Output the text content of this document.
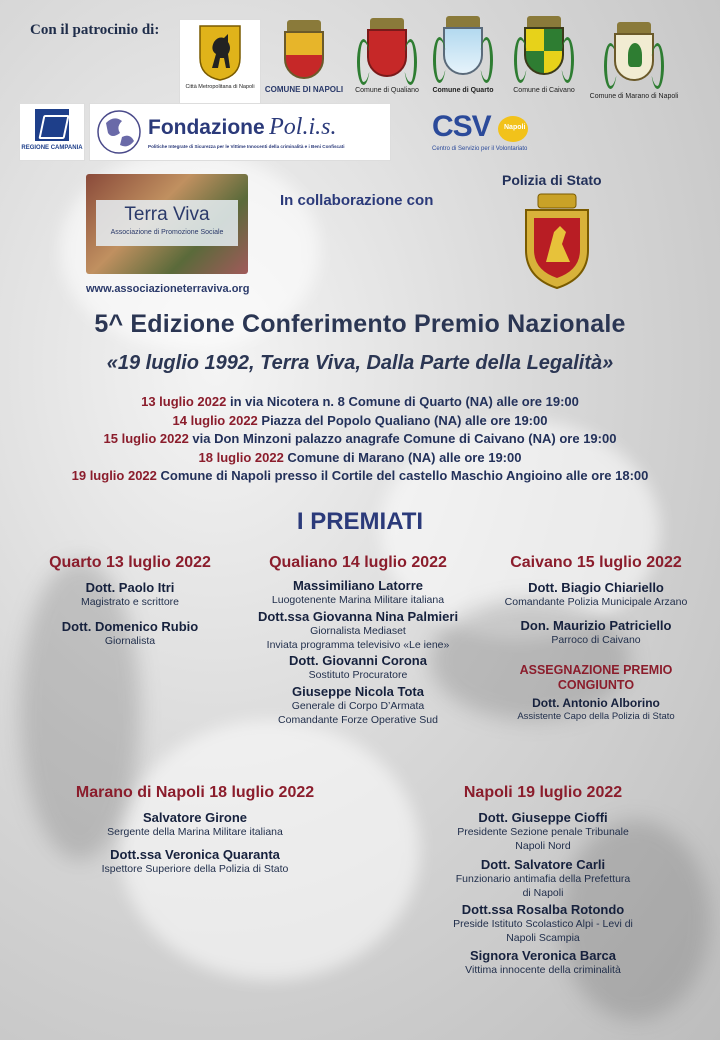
Con il patrocinio di:
Città Metropolitana di Napoli COMUNE DI NAPOLI Comune di Qualiano Comune di Quarto	Comune di Caivano
Comune di Marano di Napoli
REGIONE CAMPANIA
Fondazione Pol.i.s.
Politiche Integrate di Sicurezza per le Vittime Innocenti della criminalità e i Beni Confiscati
CSV Napoli
Centro di Servizio per il Volontariato
Terra Viva
Associazione di Promozione Sociale
www.associazioneterraviva.org
In collaborazione con
Polizia di Stato
5^ Edizione Conferimento Premio Nazionale
«19 luglio 1992, Terra Viva, Dalla Parte della Legalità»
13 luglio 2022 in via Nicotera n. 8 Comune di Quarto (NA) alle ore 19:00
14 luglio 2022 Piazza del Popolo Qualiano (NA) alle ore 19:00
15 luglio 2022 via Don Minzoni palazzo anagrafe Comune di Caivano (NA) ore 19:00
18 luglio 2022 Comune di Marano (NA) alle ore 19:00
19 luglio 2022 Comune di Napoli presso il Cortile del castello Maschio Angioino alle ore 18:00
I PREMIATI
Quarto 13 luglio 2022
Dott. Paolo Itri
Magistrato e scrittore
Dott. Domenico Rubio
Giornalista
Qualiano 14 luglio 2022
Massimiliano Latorre
Luogotenente Marina Militare italiana
Dott.ssa Giovanna Nina Palmieri
Giornalista Mediaset
Inviata programma televisivo «Le iene»
Dott. Giovanni Corona
Sostituto Procuratore
Giuseppe Nicola Tota
Generale di Corpo D’Armata
Comandante Forze Operative Sud
Caivano 15 luglio 2022
Dott. Biagio Chiariello
Comandante Polizia Municipale Arzano
Don. Maurizio Patriciello
Parroco di Caivano
ASSEGNAZIONE PREMIO
CONGIUNTO
Dott. Antonio Alborino
Assistente Capo della Polizia di Stato
Marano di Napoli 18 luglio 2022
Salvatore Girone
Sergente della Marina Militare italiana
Dott.ssa Veronica Quaranta
Ispettore Superiore della Polizia di Stato
Napoli 19 luglio 2022
Dott. Giuseppe Cioffi
Presidente Sezione penale Tribunale
Napoli Nord
Dott. Salvatore Carli
Funzionario antimafia della Prefettura
di Napoli
Dott.ssa Rosalba Rotondo
Preside Istituto Scolastico Alpi - Levi di
Napoli Scampia
Signora Veronica Barca
Vittima innocente della criminalità
